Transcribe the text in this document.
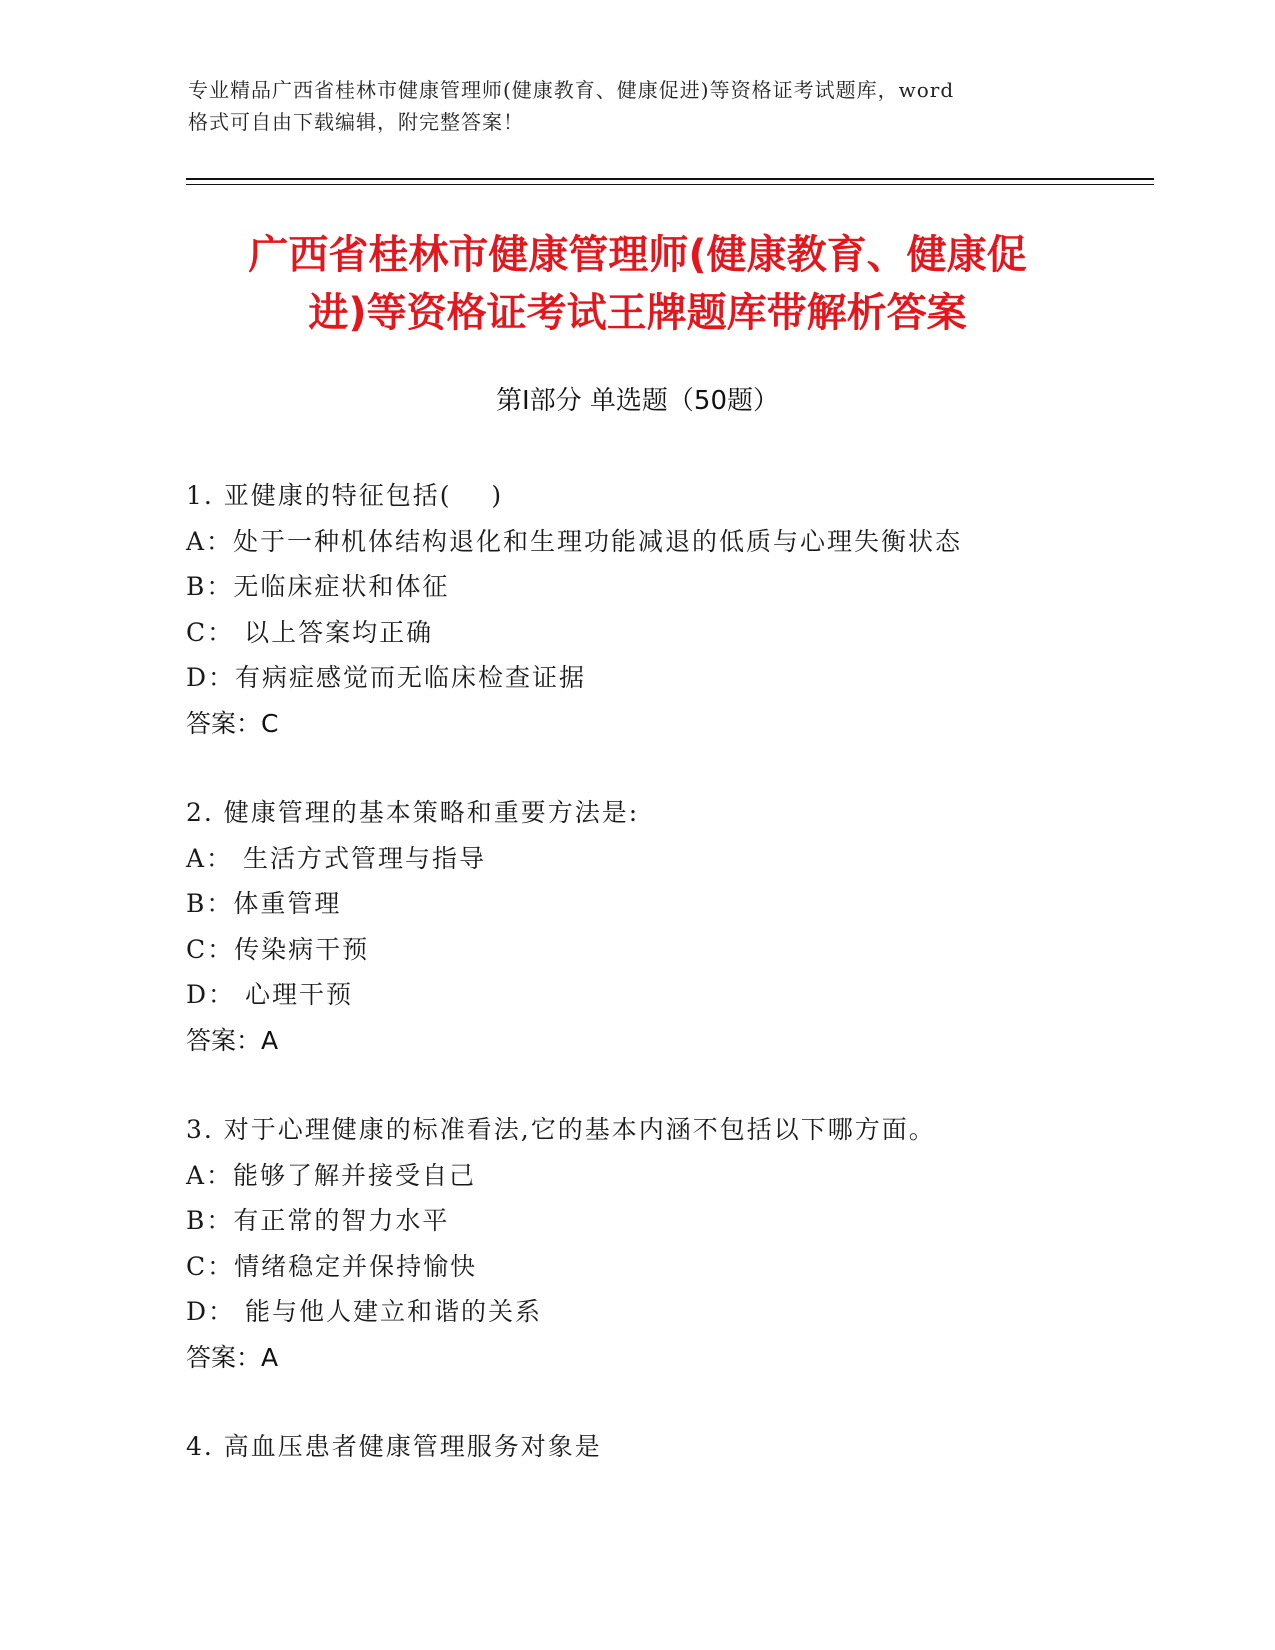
专业精品广西省桂林市健康管理师(健康教育、健康促进)等资格证考试题库，word
格式可自由下载编辑，附完整答案！
广西省桂林市健康管理师(健康教育、健康促
进)等资格证考试王牌题库带解析答案
第Ⅰ部分 单选题（50题）
1. 亚健康的特征包括(    )
A：处于一种机体结构退化和生理功能减退的低质与心理失衡状态
B：无临床症状和体征
C： 以上答案均正确
D：有病症感觉而无临床检查证据
答案：C
2. 健康管理的基本策略和重要方法是:
A： 生活方式管理与指导
B：体重管理
C：传染病干预
D： 心理干预
答案：A
3. 对于心理健康的标准看法,它的基本内涵不包括以下哪方面。
A：能够了解并接受自己
B：有正常的智力水平
C：情绪稳定并保持愉快
D： 能与他人建立和谐的关系
答案：A
4. 高血压患者健康管理服务对象是
